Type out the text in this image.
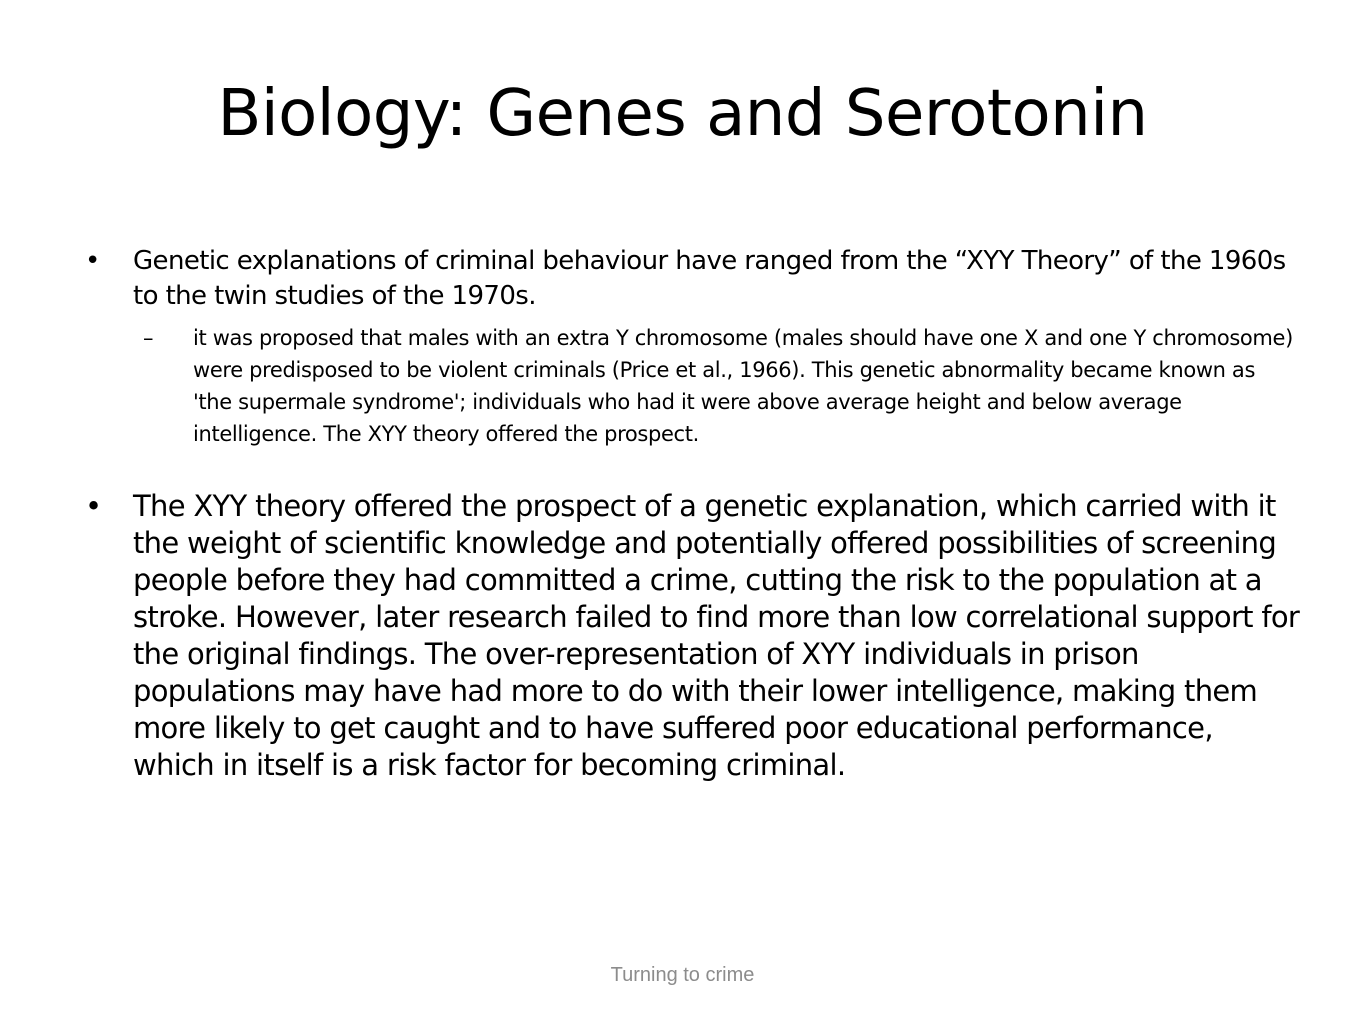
Biology: Genes and Serotonin
• Genetic explanations of criminal behaviour have ranged from the “XYY Theory” of the 1960s to the twin studies of the 1970s.
– it was proposed that males with an extra Y chromosome (males should have one X and one Y chromosome) were predisposed to be violent criminals (Price et al., 1966). This genetic abnormality became known as 'the supermale syndrome'; individuals who had it were above average height and below average intelligence. The XYY theory offered the prospect.
• The XYY theory offered the prospect of a genetic explanation, which carried with it the weight of scientific knowledge and potentially offered possibilities of screening people before they had committed a crime, cutting the risk to the population at a stroke. However, later research failed to find more than low correlational support for the original findings. The over-representation of XYY individuals in prison populations may have had more to do with their lower intelligence, making them more likely to get caught and to have suffered poor educational performance, which in itself is a risk factor for becoming criminal.
Turning to crime
